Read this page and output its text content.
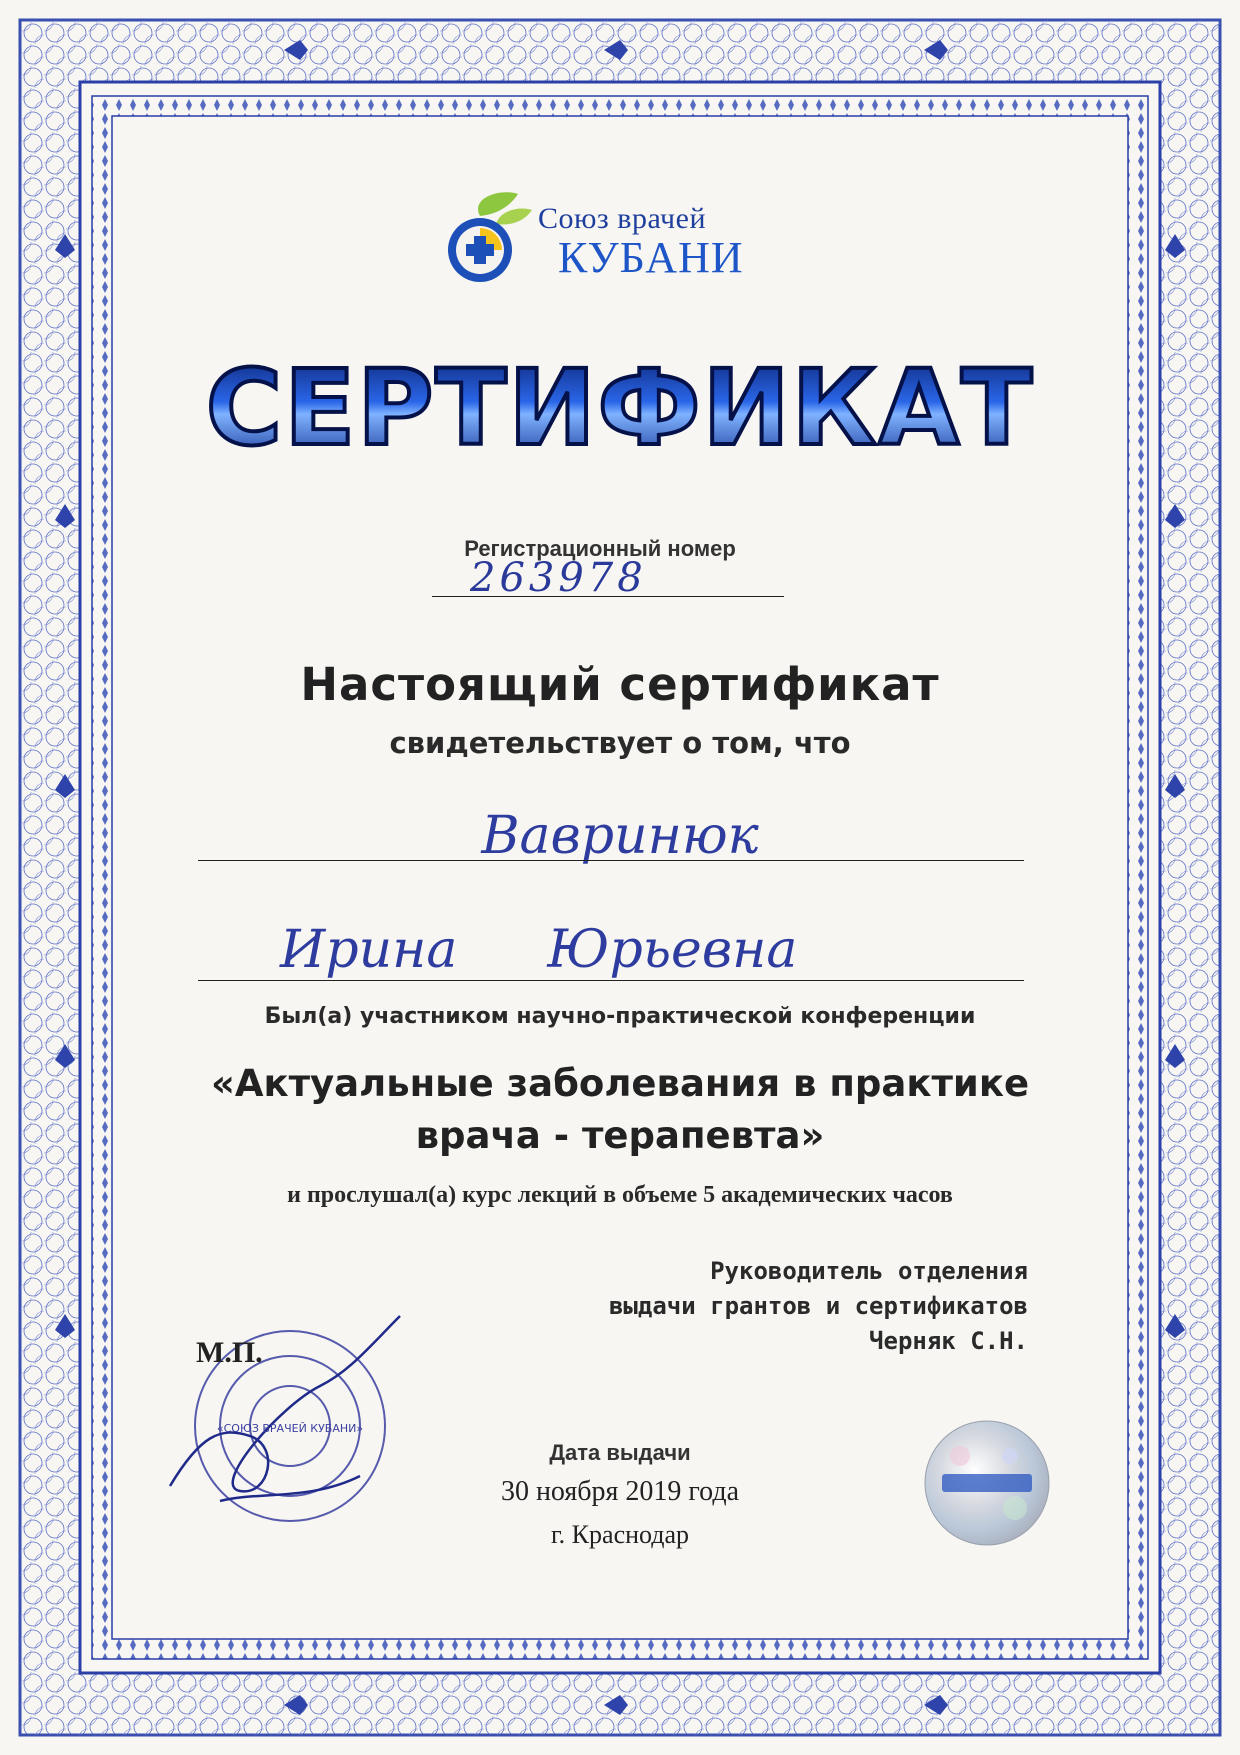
Союз врачей
КУБАНИ
СЕРТИФИКАТ
Регистрационный номер
263978
Настоящий сертификат
свидетельствует о том, что
Вавринюк
Ирина Юрьевна
Был(а) участником научно-практической конференции
«Актуальные заболевания в практике
врача - терапевта»
и прослушал(а) курс лекций в объеме 5 академических часов
Руководитель отделения
выдачи грантов и сертификатов
Черняк С.Н.
«СОЮЗ ВРАЧЕЙ КУБАНИ»
М.П.
Дата выдачи
30 ноября 2019 года
г. Краснодар
